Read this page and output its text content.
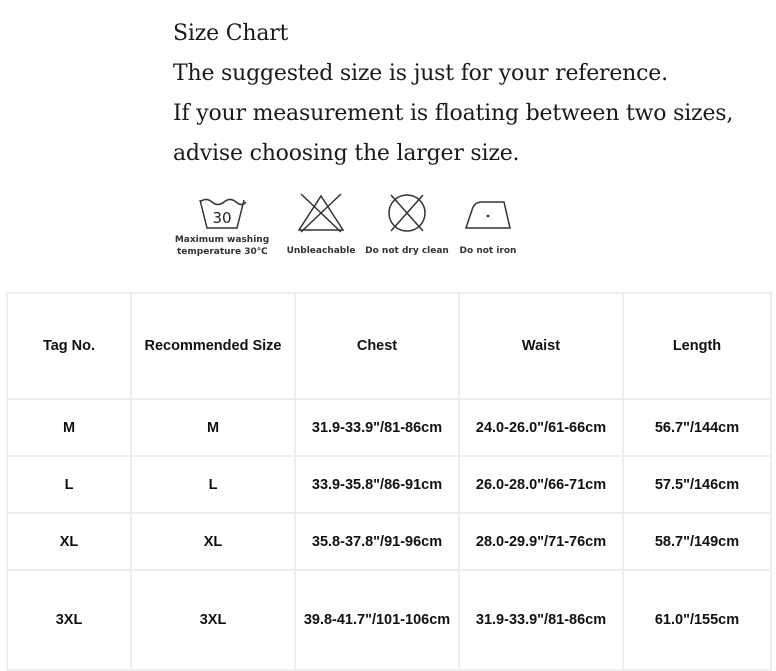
Size Chart
The suggested size is just for your reference.
If your measurement is floating between two sizes,
advise choosing the larger size.
30
Maximum washing
temperature 30℃	Unbleachable	Do not dry clean	Do not iron
Tag No.	Recommended Size	Chest	Waist	Length
M	M	31.9-33.9"/81-86cm	24.0-26.0"/61-66cm	56.7"/144cm
L	L	33.9-35.8"/86-91cm	26.0-28.0"/66-71cm	57.5"/146cm
XL	XL	35.8-37.8"/91-96cm	28.0-29.9"/71-76cm	58.7"/149cm
3XL	3XL	39.8-41.7"/101-106cm	31.9-33.9"/81-86cm	61.0"/155cm
